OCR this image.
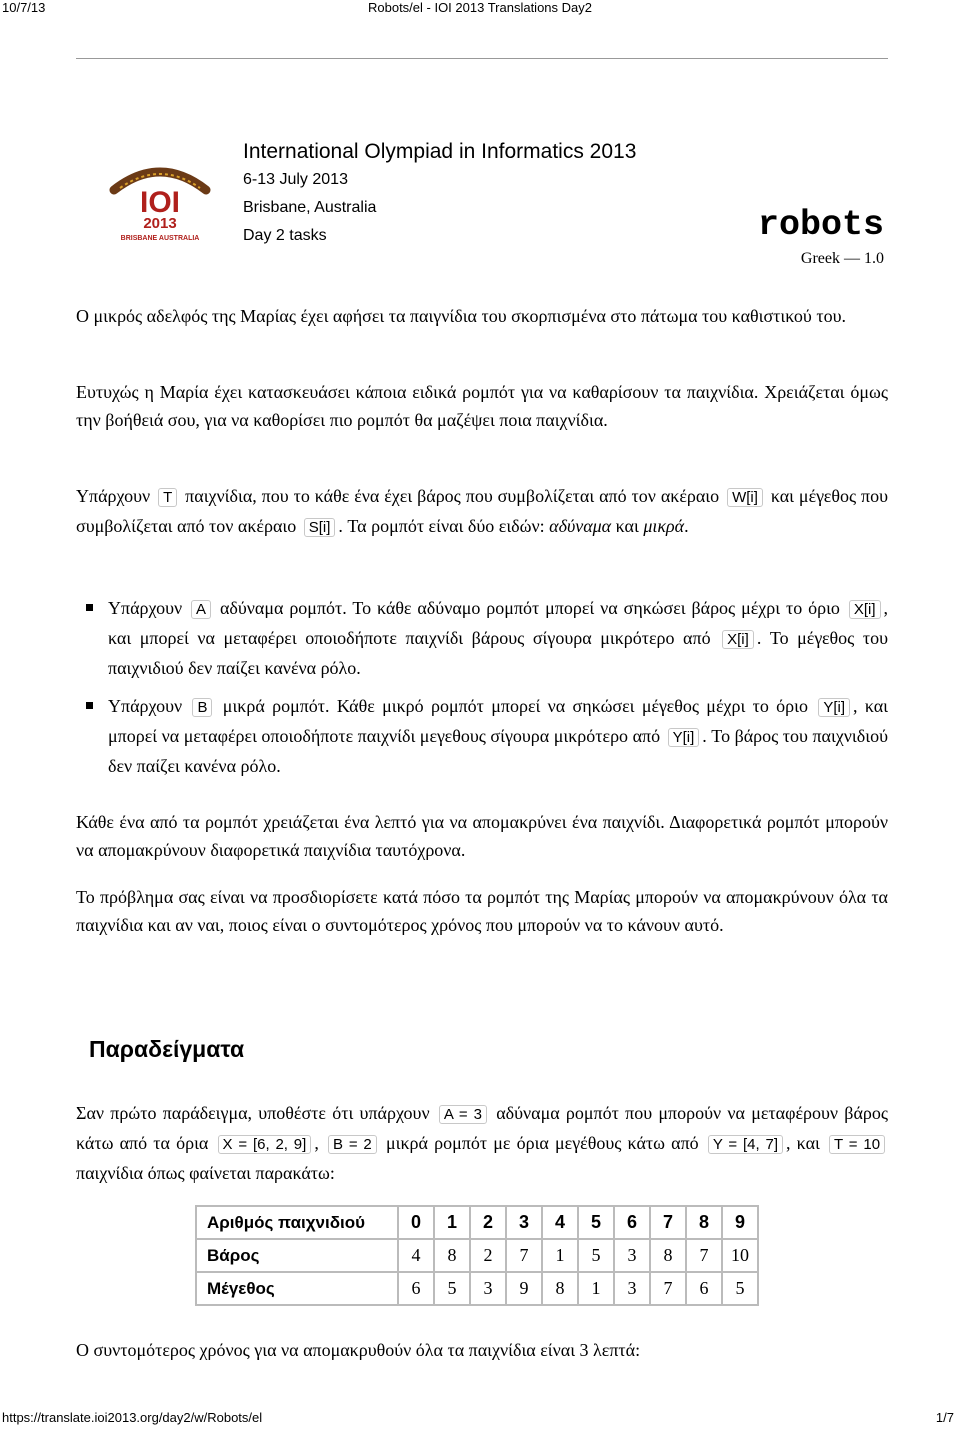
10/7/13	Robots/el - IOI 2013 Translations Day2
IOI
2013
BRISBANE AUSTRALIA
International Olympiad in Informatics 2013
6-13 July 2013
Brisbane, Australia
Day 2 tasks	robots
Greek — 1.0

Ο μικρός αδελφός της Μαρίας έχει αφήσει τα παιγνίδια του σκορπισμένα στο πάτωμα του καθιστικού του.

Ευτυχώς η Μαρία έχει κατασκευάσει κάποια ειδικά ρομπότ για να καθαρίσουν τα παιχνίδια. Χρειάζεται όμως την βοήθειά σου, για να καθορίσει πιο ρομπότ θα μαζέψει ποια παιχνίδια.

Υπάρχουν T παιχνίδια, που το κάθε ένα έχει βάρος που συμβολίζεται από τον ακέραιο W[i] και μέγεθος που συμβολίζεται από τον ακέραιο S[i] . Τα ρομπότ είναι δύο ειδών: αδύναμα και μικρά.

Υπάρχουν A αδύναμα ρομπότ. Το κάθε αδύναμο ρομπότ μπορεί να σηκώσει βάρος μέχρι το όριο X[i] , και μπορεί να μεταφέρει οποιοδήποτε παιχνίδι βάρους σίγουρα μικρότερο από X[i] . Το μέγεθος του παιχνιδιού δεν παίζει κανένα ρόλο.

Υπάρχουν B μικρά ρομπότ. Κάθε μικρό ρομπότ μπορεί να σηκώσει μέγεθος μέχρι το όριο Y[i] , και μπορεί να μεταφέρει οποιοδήποτε παιχνίδι μεγεθους σίγουρα μικρότερο από Y[i] . Το βάρος του παιχνιδιού δεν παίζει κανένα ρόλο.

Κάθε ένα από τα ρομπότ χρειάζεται ένα λεπτό για να απομακρύνει ένα παιχνίδι. Διαφορετικά ρομπότ μπορούν να απομακρύνουν διαφορετικά παιχνίδια ταυτόχρονα.

Το πρόβλημα σας είναι να προσδιορίσετε κατά πόσο τα ρομπότ της Μαρίας μπορούν να απομακρύνουν όλα τα παιχνίδια και αν ναι, ποιος είναι ο συντομότερος χρόνος που μπορούν να το κάνουν αυτό.

Παραδείγματα

Σαν πρώτο παράδειγμα, υποθέστε ότι υπάρχουν A = 3 αδύναμα ρομπότ που μπορούν να μεταφέρουν βάρος κάτω από τα όρια X = [6, 2, 9] , B = 2 μικρά ρομπότ με όρια μεγέθους κάτω από Y = [4, 7] , και T = 10 παιχνίδια όπως φαίνεται παρακάτω:

Αριθμός παιχνιδιού	0	1	2	3	4	5	6	7	8	9
Βάρος	4	8	2	7	1	5	3	8	7	10
Μέγεθος	6	5	3	9	8	1	3	7	6	5

Ο συντομότερος χρόνος για να απομακρυθούν όλα τα παιχνίδια είναι 3 λεπτά:

https://translate.ioi2013.org/day2/w/Robots/el	1/7
